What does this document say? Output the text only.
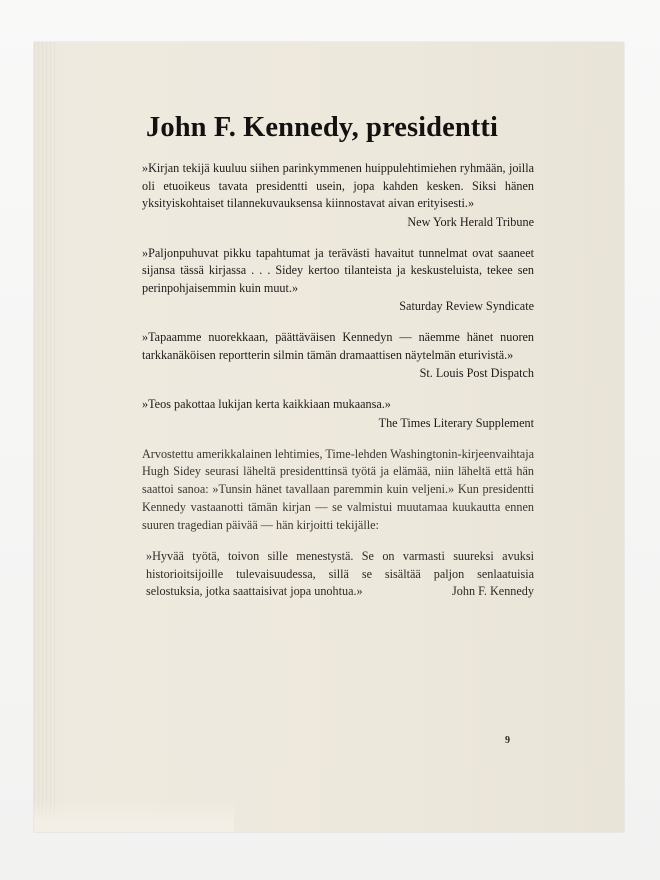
John F. Kennedy, presidentti

»Kirjan tekijä kuuluu siihen parinkymmenen huippulehtimiehen ryhmään, joilla oli etuoikeus tavata presidentti usein, jopa kahden kesken. Siksi hänen yksityiskohtaiset tilannekuvauksensa kiinnostavat aivan erityisesti.»

New York Herald Tribune

»Paljonpuhuvat pikku tapahtumat ja terävästi havaitut tunnelmat ovat saaneet sijansa tässä kirjassa . . . Sidey kertoo tilanteista ja keskusteluista, tekee sen perinpohjaisemmin kuin muut.»

Saturday Review Syndicate

»Tapaamme nuorekkaan, päättäväisen Kennedyn — näemme hänet nuoren tarkkanäköisen reportterin silmin tämän dramaattisen näytelmän eturivistä.»

St. Louis Post Dispatch

»Teos pakottaa lukijan kerta kaikkiaan mukaansa.»

The Times Literary Supplement

Arvostettu amerikkalainen lehtimies, Time-lehden Washingtonin-kirjeenvaihtaja Hugh Sidey seurasi läheltä presidenttinsä työtä ja elämää, niin läheltä että hän saattoi sanoa: »Tunsin hänet tavallaan paremmin kuin veljeni.» Kun presidentti Kennedy vastaanotti tämän kirjan — se valmistui muutamaa kuukautta ennen suuren tragedian päivää — hän kirjoitti tekijälle:

»Hyvää työtä, toivon sille menestystä. Se on varmasti suureksi avuksi historioitsijoille tulevaisuudessa, sillä se sisältää paljon senlaatuisia selostuksia, jotka saattaisivat jopa unohtua.»	John F. Kennedy
9
